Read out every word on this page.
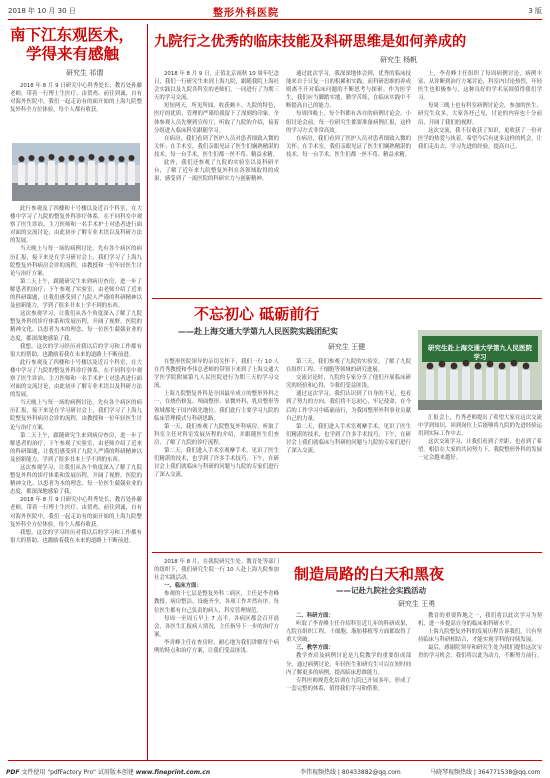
2018 年 10 月 30 日	整形外科医院	3 版
南下江东观医术，
学得来有感触
研究生 祁谓

2018 年 8 月 9 日研究中心科秀处长、教育处孙藤老师，带着一行博士生医疗、由贺鸡、前往到诚，自有对海外医院中，我们一起走访有的面开始的上海九院整复外科全方位体验，每个人都有收获。

此行参观及了四楼和十号楼以及近百个科室，在大楼中学习了九院的整复外科诊疗体系，在不同科室中观察了医生诊治、主刀医师和一名手术护士对患者进行面对面的交流讨论，由此初步了解专业术语以及科研方法的发展。

当天晚上与每一场的病例讨论，先有各个病区的病历汇报，接下来是在学习研讨会上，我们学习了上海九院整复外科病房会诊的流程，由教授和一位年轻医生讨论与治疗方案。

第二天上午，跟随研究生来到病房查房，进一步了解患者的治疗；下午参观了实验室，由老师介绍了近来的科研课题，让我们感受到了九院人严谨的科研精神以及创新能力，学到了很多书本上学不到的东西。

这次参观学习，让我们从各个角度深入了解了九院整复外科的诊疗体系和发展历程，开阔了视野。医院的精神文化、以患者为本的理念、每一位医生兢兢业业的态度，都深深地感染了我。

我想，这次的学习经历对我以后的学习和工作都有很大的帮助，也激励着我在未来的道路上不断前进。

此行参观及了四楼和十号楼以及近百个科室，在大楼中学习了九院的整复外科诊疗体系，在不同科室中观察了医生诊治、主刀医师和一名手术护士对患者进行面对面的交流讨论，由此初步了解专业术语以及科研方法的发展。

当天晚上与每一场的病例讨论，先有各个病区的病历汇报，接下来是在学习研讨会上，我们学习了上海九院整复外科病房会诊的流程，由教授和一位年轻医生讨论与治疗方案。

第二天上午，跟随研究生来到病房查房，进一步了解患者的治疗；下午参观了实验室，由老师介绍了近来的科研课题，让我们感受到了九院人严谨的科研精神以及创新能力，学到了很多书本上学不到的东西。

这次参观学习，让我们从各个角度深入了解了九院整复外科的诊疗体系和发展历程，开阔了视野。医院的精神文化、以患者为本的理念、每一位医生兢兢业业的态度，都深深地感染了我。

2018 年 8 月 9 日研究中心科秀处长、教育处孙藤老师，带着一行博士生医疗、由贺鸡、前往到诚，自有对海外医院中，我们一起走访有的面开始的上海九院整复外科全方位体验，每个人都有收获。

我想，这次的学习经历对我以后的学习和工作都有很大的帮助，也激励着我在未来的道路上不断前进。

九院行之优秀的临床技能及科研思维是如何养成的
研究生 杨帆

2018 年 8 月 9 日，正值北京雨秋 10 周年纪念日，我们一行研究生来到上海九院，跟随我院上海社会实践以及九院各科室的老师们，一同进行了为期三天的学习交流。

短短两天，所见所闻、收获颇丰。九院的特色，医疗的优质、管理的严谨给我留下了深刻的印象。全体参观人员先聚到宣传厅，听取了九院的介绍，接着分组进入临床科室跟随学习。

在病房，我们看到了医护人员对患者细致入微的关怀；在手术室，我们亲眼见证了医生们娴熟精湛的技术。每一台手术，医生们都一丝不苟、精益求精。

此外，我们还参观了九院的实验室以及科研平台，了解了近年来九院整复外科在各领域取得的成果，感受到了一流医院的科研实力与创新精神。

通过此次学习，我深深地体会到，优秀的临床技能来自于日复一日的积累和实践，而科研思维的养成则离不开对临床问题的不断思考与探索。作为医学生，我们应当脚踏实地，勤学苦练，在临床实践中不断提高自己的能力。

每周四晚上，每个科都有各自的病例讨论会。小组讨论会前，每一位研究生都要准备病例汇报，这样的学习方式非常高效。

在病房，我们看到了医护人员对患者细致入微的关怀；在手术室，我们亲眼见证了医生们娴熟精湛的技术。每一台手术，医生们都一丝不苟、精益求精。

上，李青峰主任组织了每周病例讨论，病例丰富，从诊断到治疗方案讨论，科室内讨论热烈，年轻医生也积极参与，这种良好的学术氛围值得我们学习。

每周三晚上也有科室病例讨论会，参加的医生、研究生众多，大家各抒己见，讨论的内容也十分前沿，开阔了我们的视野。

这次交流，我不仅收获了知识，更收获了一份对医学的热爱与执着。希望今后有更多这样的机会，让我们走出去，学习先进的经验，提高自己。

不忘初心 砥砺前行
——赴上海交通大学第九人民医院实践团纪实
研究生 王健

在整形医院领导的亲切关怀下，我们一行 10 人在肖秀教授和李伟总老师的带领下来到了上海交通大学医学院附属第九人民医院进行为期三天的学习交流。

上海九院整复外科是全国最早成立的整形外科之一，在烧伤修复、颅面整形、显微外科、乳房整形等领域都处于国内领先地位。我们此行主要学习九院的临床管理模式与科研思路。

第一天，我们参观了九院整复外科病房，听取了科室主任对科室发展历程的介绍，并跟随医生们查房，了解了九院的诊疗流程。

第二天，我们进入手术室观摩手术，见识了医生们精湛的技术，也学到了许多手术技巧。下午，在研讨会上我们就临床与科研的问题与九院的专家们进行了深入交流。

第三天，我们参观了九院的实验室，了解了九院在组织工程、干细胞等领域的研究进展。

交流讨论时，九院的专家分享了他们开展临床研究的经验和心得，令我们受益匪浅。

通过这次学习，我们认识到了自身的不足，也看到了努力的方向。我们将不忘初心，牢记使命，在今后的工作学习中砥砺前行，为我国整形外科事业贡献自己的力量。

第二天，我们进入手术室观摩手术，见识了医生们精湛的技术，也学到了许多手术技巧。下午，在研讨会上我们就临床与科研的问题与九院的专家们进行了深入交流。

研究生赴上海交通大学第九人民医院学习

汇报会上，肖秀老师提出了希望大家在这次交流中学到知识，回到岗位上后能够将九院的先进经验运用到实际工作中去。

这次交流学习，让我们看到了差距，也看到了希望。相信在大家的共同努力下，我院整形外科的发展一定会越来越好。

2018 年 8 月，在我院研究生处、教育处等部门的组织下，我们研究生院一行 10 人赴上海九院参加社会实践活动。

一、临床方面：

参观的十七层是整复外科二病区，主任是李青峰教授。病房整洁，设施齐全，各项工作井然有序。每位医生都有自己负责的病人，科室管理规范。

每周一至周五早上 7 点半，各病区都会召开晨会，各医生汇报病人情况，主任指导下一步的治疗方案。

李青峰主任在查房时，耐心地为我们讲解每个病例的特点和治疗方案，让我们受益匪浅。

制造局路的白天和黑夜
——记赴九院社会实践活动
研究生 王勇

二、科研方面：

听取了李青峰主任介绍科室近几年的科研成果，九院在组织工程、干细胞、脂肪移植等方面都取得了重大突破。

三、教学方面：

教学查房及病例讨论是九院教学的重要组成部分，通过病例讨论，年轻医生和研究生可以在短时间内了解更多的病例，提高临床思维能力。

专科医师规范化培训在九院已开展多年，形成了一套完整的体系，值得我们学习和借鉴。

教育的重要阵地之一，我们将以此次学习为契机，进一步提高自身的临床和科研水平。

上海九院整复外科的发展历程告诉我们，只有坚持临床与科研相结合，才能实现学科的持续发展。

最后，感谢院领导和研究生处为我们提供这次宝贵的学习机会，我们将以此为动力，不断努力前行。

PDF 文件使用 "pdfFactory Pro" 试用版本创建 www.fineprint.com.cn	李伟视频热线 | 80433882@qq.com	马晓琴视频热线 | 364771538@qq.com
